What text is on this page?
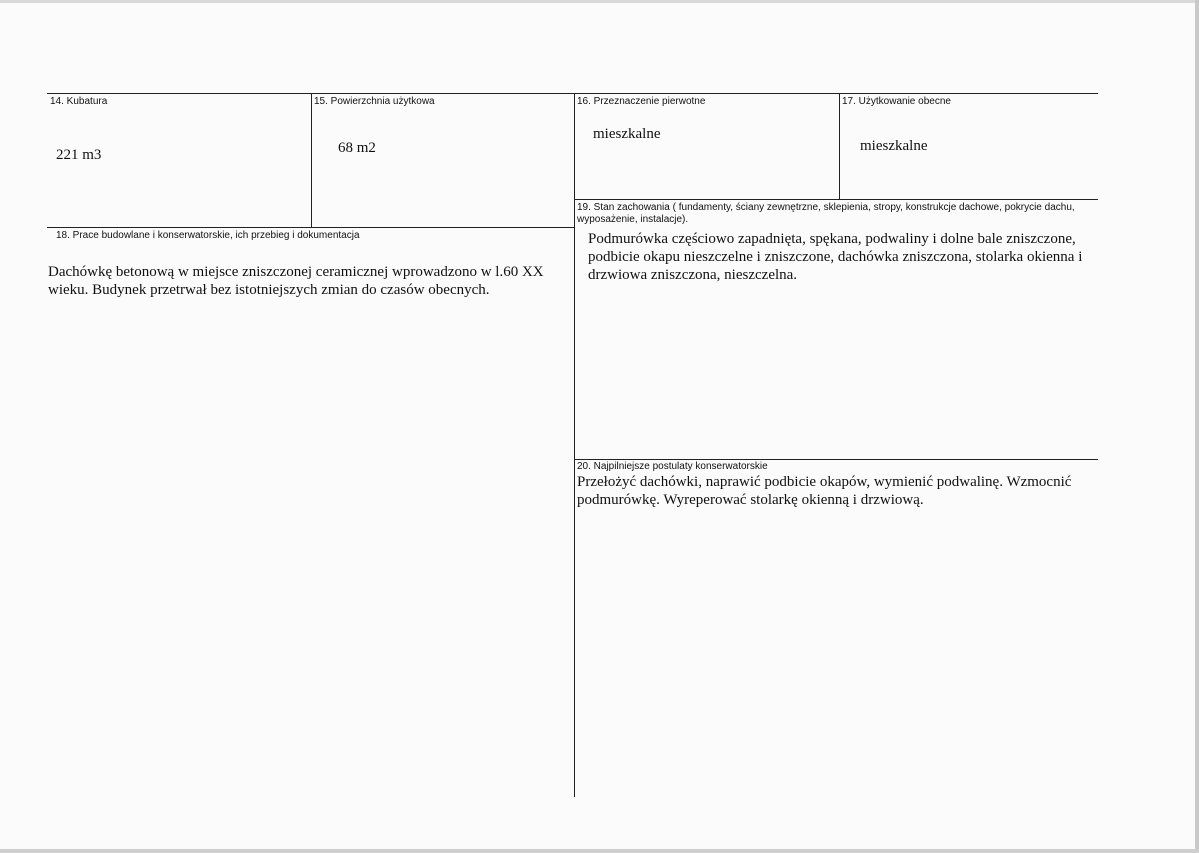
14. Kubatura
221 m3
15. Powierzchnia użytkowa
68 m2
16. Przeznaczenie pierwotne
mieszkalne
17. Użytkowanie obecne
mieszkalne
18. Prace budowlane i konserwatorskie, ich przebieg i dokumentacja
Dachówkę betonową w miejsce zniszczonej ceramicznej wprowadzono w l.60 XX wieku. Budynek przetrwał bez istotniejszych zmian do czasów obecnych.
19. Stan zachowania ( fundamenty, ściany zewnętrzne, sklepienia, stropy, konstrukcje dachowe, pokrycie dachu, wyposażenie, instalacje).
Podmurówka częściowo zapadnięta, spękana, podwaliny i dolne bale zniszczone, podbicie okapu nieszczelne i zniszczone, dachówka zniszczona, stolarka okienna i drzwiowa zniszczona, nieszczelna.
20. Najpilniejsze postulaty konserwatorskie
Przełożyć dachówki, naprawić podbicie okapów, wymienić podwalinę. Wzmocnić podmurówkę. Wyreperować stolarkę okienną i drzwiową.
